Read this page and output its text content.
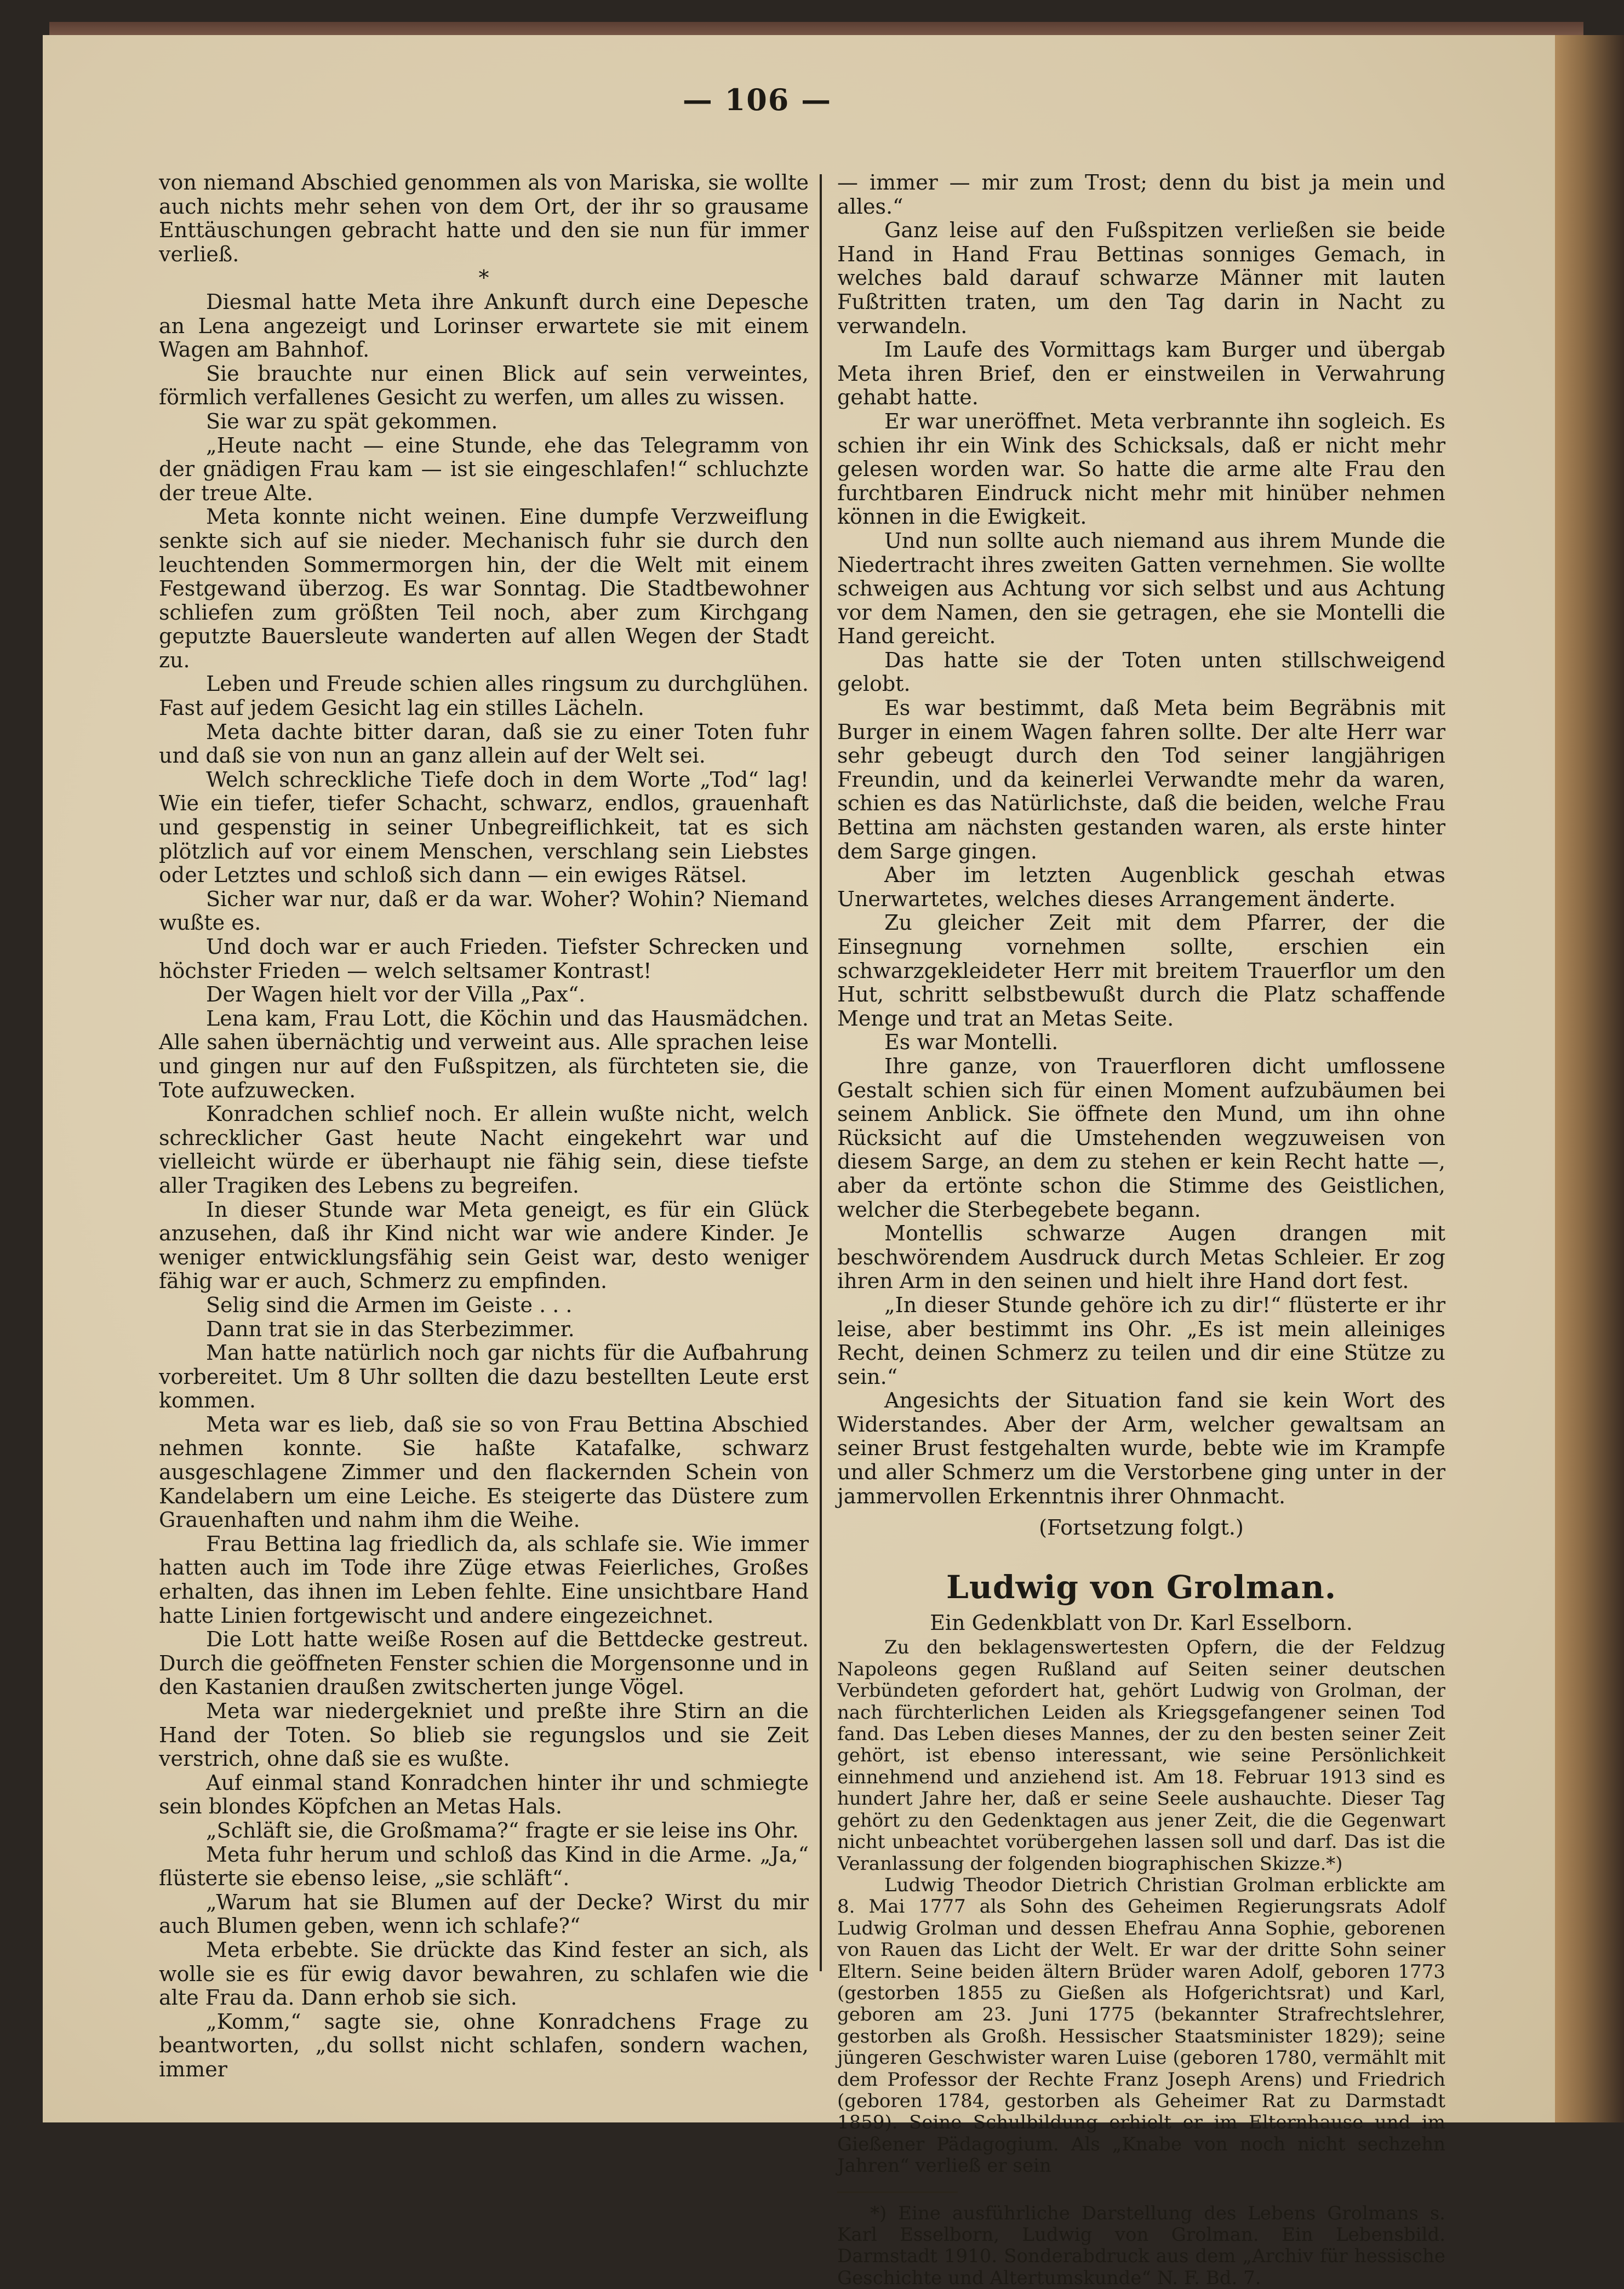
— 106 —

von niemand Abschied genommen als von Mariska, sie wollte auch nichts mehr sehen von dem Ort, der ihr so grausame Enttäuschungen gebracht hatte und den sie nun für immer verließ.

*

Diesmal hatte Meta ihre Ankunft durch eine Depesche an Lena angezeigt und Lorinser erwartete sie mit einem Wagen am Bahnhof.

Sie brauchte nur einen Blick auf sein verweintes, förmlich verfallenes Gesicht zu werfen, um alles zu wissen.

Sie war zu spät gekommen.

„Heute nacht — eine Stunde, ehe das Telegramm von der gnädigen Frau kam — ist sie eingeschlafen!“ schluchzte der treue Alte.

Meta konnte nicht weinen. Eine dumpfe Verzweiflung senkte sich auf sie nieder. Mechanisch fuhr sie durch den leuchtenden Sommermorgen hin, der die Welt mit einem Festgewand überzog. Es war Sonntag. Die Stadtbewohner schliefen zum größten Teil noch, aber zum Kirchgang geputzte Bauersleute wanderten auf allen Wegen der Stadt zu.

Leben und Freude schien alles ringsum zu durchglühen. Fast auf jedem Gesicht lag ein stilles Lächeln.

Meta dachte bitter daran, daß sie zu einer Toten fuhr und daß sie von nun an ganz allein auf der Welt sei.

Welch schreckliche Tiefe doch in dem Worte „Tod“ lag! Wie ein tiefer, tiefer Schacht, schwarz, endlos, grauenhaft und gespenstig in seiner Unbegreiflichkeit, tat es sich plötzlich auf vor einem Menschen, verschlang sein Liebstes oder Letztes und schloß sich dann — ein ewiges Rätsel.

Sicher war nur, daß er da war. Woher? Wohin? Niemand wußte es.

Und doch war er auch Frieden. Tiefster Schrecken und höchster Frieden — welch seltsamer Kontrast!

Der Wagen hielt vor der Villa „Pax“.

Lena kam, Frau Lott, die Köchin und das Hausmädchen. Alle sahen übernächtig und verweint aus. Alle sprachen leise und gingen nur auf den Fußspitzen, als fürchteten sie, die Tote aufzuwecken.

Konradchen schlief noch. Er allein wußte nicht, welch schrecklicher Gast heute Nacht eingekehrt war und vielleicht würde er überhaupt nie fähig sein, diese tiefste aller Tragiken des Lebens zu begreifen.

In dieser Stunde war Meta geneigt, es für ein Glück anzusehen, daß ihr Kind nicht war wie andere Kinder. Je weniger entwicklungsfähig sein Geist war, desto weniger fähig war er auch, Schmerz zu empfinden.

Selig sind die Armen im Geiste . . .

Dann trat sie in das Sterbezimmer.

Man hatte natürlich noch gar nichts für die Aufbahrung vorbereitet. Um 8 Uhr sollten die dazu bestellten Leute erst kommen.

Meta war es lieb, daß sie so von Frau Bettina Abschied nehmen konnte. Sie haßte Katafalke, schwarz ausgeschlagene Zimmer und den flackernden Schein von Kandelabern um eine Leiche. Es steigerte das Düstere zum Grauenhaften und nahm ihm die Weihe.

Frau Bettina lag friedlich da, als schlafe sie. Wie immer hatten auch im Tode ihre Züge etwas Feierliches, Großes erhalten, das ihnen im Leben fehlte. Eine unsichtbare Hand hatte Linien fortgewischt und andere eingezeichnet.

Die Lott hatte weiße Rosen auf die Bettdecke gestreut. Durch die geöffneten Fenster schien die Morgensonne und in den Kastanien draußen zwitscherten junge Vögel.

Meta war niedergekniet und preßte ihre Stirn an die Hand der Toten. So blieb sie regungslos und sie Zeit verstrich, ohne daß sie es wußte.

Auf einmal stand Konradchen hinter ihr und schmiegte sein blondes Köpfchen an Metas Hals.

„Schläft sie, die Großmama?“ fragte er sie leise ins Ohr.

Meta fuhr herum und schloß das Kind in die Arme. „Ja,“ flüsterte sie ebenso leise, „sie schläft“.

„Warum hat sie Blumen auf der Decke? Wirst du mir auch Blumen geben, wenn ich schlafe?“

Meta erbebte. Sie drückte das Kind fester an sich, als wolle sie es für ewig davor bewahren, zu schlafen wie die alte Frau da. Dann erhob sie sich.

„Komm,“ sagte sie, ohne Konradchens Frage zu beantworten, „du sollst nicht schlafen, sondern wachen, immer

— immer — mir zum Trost; denn du bist ja mein und alles.“

Ganz leise auf den Fußspitzen verließen sie beide Hand in Hand Frau Bettinas sonniges Gemach, in welches bald darauf schwarze Männer mit lauten Fußtritten traten, um den Tag darin in Nacht zu verwandeln.

Im Laufe des Vormittags kam Burger und übergab Meta ihren Brief, den er einstweilen in Verwahrung gehabt hatte.

Er war uneröffnet. Meta verbrannte ihn sogleich. Es schien ihr ein Wink des Schicksals, daß er nicht mehr gelesen worden war. So hatte die arme alte Frau den furchtbaren Eindruck nicht mehr mit hinüber nehmen können in die Ewigkeit.

Und nun sollte auch niemand aus ihrem Munde die Niedertracht ihres zweiten Gatten vernehmen. Sie wollte schweigen aus Achtung vor sich selbst und aus Achtung vor dem Namen, den sie getragen, ehe sie Montelli die Hand gereicht.

Das hatte sie der Toten unten stillschweigend gelobt.

Es war bestimmt, daß Meta beim Begräbnis mit Burger in einem Wagen fahren sollte. Der alte Herr war sehr gebeugt durch den Tod seiner langjährigen Freundin, und da keinerlei Verwandte mehr da waren, schien es das Natürlichste, daß die beiden, welche Frau Bettina am nächsten gestanden waren, als erste hinter dem Sarge gingen.

Aber im letzten Augenblick geschah etwas Unerwartetes, welches dieses Arrangement änderte.

Zu gleicher Zeit mit dem Pfarrer, der die Einsegnung vornehmen sollte, erschien ein schwarzgekleideter Herr mit breitem Trauerflor um den Hut, schritt selbstbewußt durch die Platz schaffende Menge und trat an Metas Seite.

Es war Montelli.

Ihre ganze, von Trauerfloren dicht umflossene Gestalt schien sich für einen Moment aufzubäumen bei seinem Anblick. Sie öffnete den Mund, um ihn ohne Rücksicht auf die Umstehenden wegzuweisen von diesem Sarge, an dem zu stehen er kein Recht hatte —, aber da ertönte schon die Stimme des Geistlichen, welcher die Sterbegebete begann.

Montellis schwarze Augen drangen mit beschwörendem Ausdruck durch Metas Schleier. Er zog ihren Arm in den seinen und hielt ihre Hand dort fest.

„In dieser Stunde gehöre ich zu dir!“ flüsterte er ihr leise, aber bestimmt ins Ohr. „Es ist mein alleiniges Recht, deinen Schmerz zu teilen und dir eine Stütze zu sein.“

Angesichts der Situation fand sie kein Wort des Widerstandes. Aber der Arm, welcher gewaltsam an seiner Brust festgehalten wurde, bebte wie im Krampfe und aller Schmerz um die Verstorbene ging unter in der jammervollen Erkenntnis ihrer Ohnmacht.

(Fortsetzung folgt.)

Ludwig von Grolman.

Ein Gedenkblatt von Dr. Karl Esselborn.

Zu den beklagenswertesten Opfern, die der Feldzug Napoleons gegen Rußland auf Seiten seiner deutschen Verbündeten gefordert hat, gehört Ludwig von Grolman, der nach fürchterlichen Leiden als Kriegsgefangener seinen Tod fand. Das Leben dieses Mannes, der zu den besten seiner Zeit gehört, ist ebenso interessant, wie seine Persönlichkeit einnehmend und anziehend ist. Am 18. Februar 1913 sind es hundert Jahre her, daß er seine Seele aushauchte. Dieser Tag gehört zu den Gedenktagen aus jener Zeit, die die Gegenwart nicht unbeachtet vorübergehen lassen soll und darf. Das ist die Veranlassung der folgenden biographischen Skizze.*)

Ludwig Theodor Dietrich Christian Grolman erblickte am 8. Mai 1777 als Sohn des Geheimen Regierungsrats Adolf Ludwig Grolman und dessen Ehefrau Anna Sophie, geborenen von Rauen das Licht der Welt. Er war der dritte Sohn seiner Eltern. Seine beiden ältern Brüder waren Adolf, geboren 1773 (gestorben 1855 zu Gießen als Hofgerichtsrat) und Karl, geboren am 23. Juni 1775 (bekannter Strafrechtslehrer, gestorben als Großh. Hessischer Staatsminister 1829); seine jüngeren Geschwister waren Luise (geboren 1780, vermählt mit dem Professor der Rechte Franz Joseph Arens) und Friedrich (geboren 1784, gestorben als Geheimer Rat zu Darmstadt 1859). Seine Schulbildung erhielt er im Elternhause und im Gießener Pädagogium. Als „Knabe von noch nicht sechzehn Jahren“ verließ er sein

*) Eine ausführliche Darstellung des Lebens Grolmans s. Karl Esselborn, Ludwig von Grolman. Ein Lebensbild. Darmstadt 1910. Sonderabdruck aus dem „Archiv für hessische Geschichte und Altertumskunde“ N. F. Bd. 7.
